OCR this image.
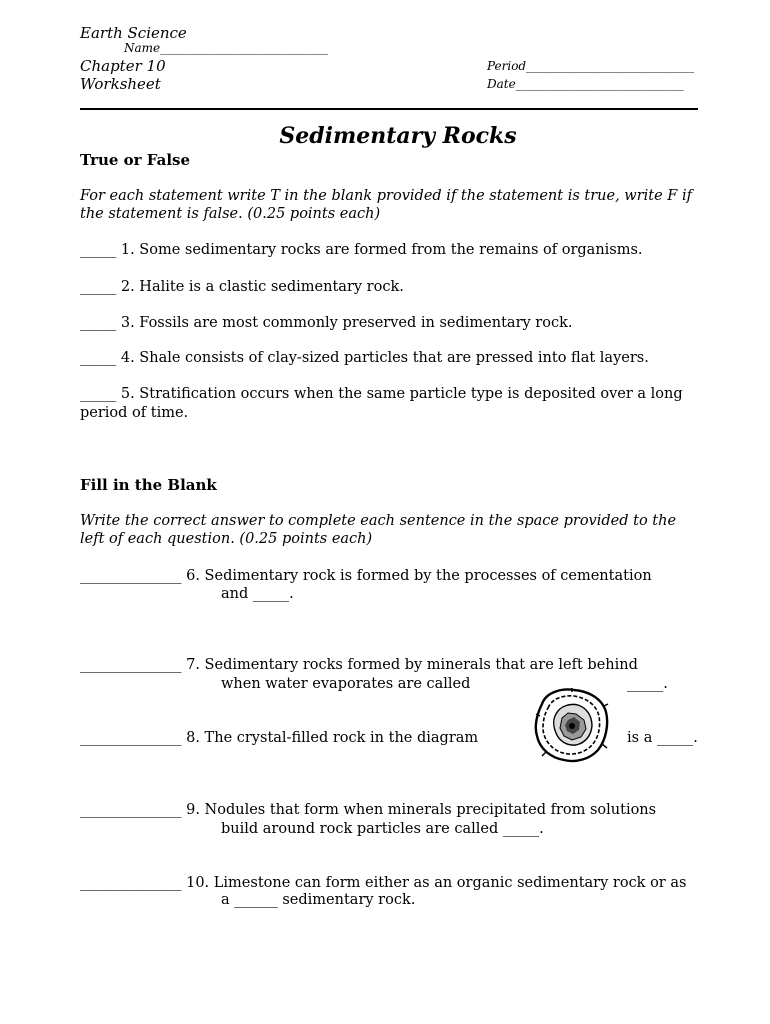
Earth Science
Name____________________________
Chapter 10
Worksheet
Period____________________________
Date____________________________
Sedimentary Rocks
True or False
For each statement write T in the blank provided if the statement is true, write F if
the statement is false. (0.25 points each)
_____ 1. Some sedimentary rocks are formed from the remains of organisms.
_____ 2. Halite is a clastic sedimentary rock.
_____ 3. Fossils are most commonly preserved in sedimentary rock.
_____ 4. Shale consists of clay-sized particles that are pressed into flat layers.
_____ 5. Stratification occurs when the same particle type is deposited over a long
period of time.
Fill in the Blank
Write the correct answer to complete each sentence in the space provided to the
left of each question. (0.25 points each)
______________ 6. Sedimentary rock is formed by the processes of cementation
and _____.
______________ 7. Sedimentary rocks formed by minerals that are left behind
when water evaporates are called	_____.
______________ 8. The crystal-filled rock in the diagram	is a _____.
______________ 9. Nodules that form when minerals precipitated from solutions
build around rock particles are called _____.
______________ 10. Limestone can form either as an organic sedimentary rock or as
a ______ sedimentary rock.
